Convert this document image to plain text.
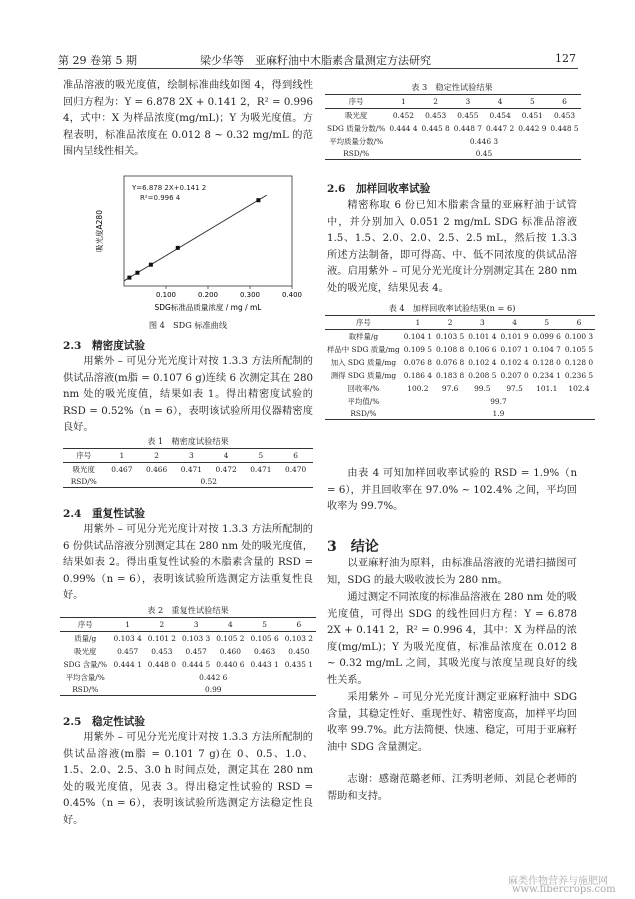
第 29 卷第 5 期	梁少华等　亚麻籽油中木脂素含量测定方法研究	127
准品溶液的吸光度值，绘制标准曲线如图 4，得到线性回归方程为：Y = 6.878 2X + 0.141 2，R² = 0.996 4，式中：X 为样品浓度(mg/mL)；Y 为吸光度值。方程表明，标准品浓度在 0.012 8 ~ 0.32 mg/mL 的范围内呈线性相关。
0.100	0.200	0.300	0.400
Y=6.878 2X+0.141 2
R²=0.996 4
SDG标准品质量浓度 / mg / mL
吸光度A280
图 4　SDG 标准曲线
2.3　精密度试验
用紫外 – 可见分光光度计对按 1.3.3 方法所配制的供试品溶液(m脂 = 0.107 6 g)连续 6 次测定其在 280 nm 处的吸光度值，结果如表 1。得出精密度试验的 RSD = 0.52%（n = 6），表明该试验所用仪器精密度良好。
表 1　精密度试验结果
序号	1	2	3	4	5	6
吸光度	0.467	0.466	0.471	0.472	0.471	0.470
RSD/%	0.52					
2.4　重复性试验
用紫外 – 可见分光光度计对按 1.3.3 方法所配制的 6 份供试品溶液分别测定其在 280 nm 处的吸光度值，结果如表 2。得出重复性试验的木脂素含量的 RSD = 0.99%（n = 6），表明该试验所选测定方法重复性良好。
表 2　重复性试验结果
序号	1	2	3	4	5	6
质量/g	0.103 4	0.101 2	0.103 3	0.105 2	0.105 6	0.103 2
吸光度	0.457	0.453	0.457	0.460	0.463	0.450
SDG 含量/%	0.444 1	0.448 0	0.444 5	0.440 6	0.443 1	0.435 1
平均含量/%	0.442 6					
RSD/%	0.99					
2.5　稳定性试验
用紫外 – 可见分光光度计对按 1.3.3 方法所配制的供试品溶液(m脂 = 0.101 7 g)在 0、0.5、1.0、1.5、2.0、2.5、3.0 h 时间点处，测定其在 280 nm 处的吸光度值，见表 3。得出稳定性试验的 RSD = 0.45%（n = 6），表明该试验所选测定方法稳定性良好。
表 3　稳定性试验结果
序号	1	2	3	4	5	6
吸光度	0.452	0.453	0.455	0.454	0.451	0.453
SDG 质量分数/%	0.444 4	0.445 8	0.448 7	0.447 2	0.442 9	0.448 5
平均质量分数/%	0.446 3					
RSD/%	0.45					
2.6　加样回收率试验
精密称取 6 份已知木脂素含量的亚麻籽油于试管中，并分别加入 0.051 2 mg/mL SDG 标准品溶液 1.5、1.5、2.0、2.0、2.5、2.5 mL，然后按 1.3.3 所述方法制备，即可得高、中、低不同浓度的供试品溶液。启用紫外 – 可见分光光度计分别测定其在 280 nm 处的吸光度，结果见表 4。
表 4　加样回收率试验结果(n = 6)
序号	1	2	3	4	5	6
取样量/g	0.104 1	0.103 5	0.101 4	0.101 9	0.099 6	0.100 3
样品中 SDG 质量/mg	0.109 5	0.108 8	0.106 6	0.107 1	0.104 7	0.105 5
加入 SDG 质量/mg	0.076 8	0.076 8	0.102 4	0.102 4	0.128 0	0.128 0
测得 SDG 质量/mg	0.186 4	0.183 8	0.208 5	0.207 0	0.234 1	0.236 5
回收率/%	100.2	97.6	99.5	97.5	101.1	102.4
平均值/%	99.7					
RSD/%	1.9					
由表 4 可知加样回收率试验的 RSD = 1.9%（n = 6），并且回收率在 97.0% ~ 102.4% 之间，平均回收率为 99.7%。
3　结论
以亚麻籽油为原料，由标准品溶液的光谱扫描图可知，SDG 的最大吸收波长为 280 nm。
通过测定不同浓度的标准品溶液在 280 nm 处的吸光度值，可得出 SDG 的线性回归方程：Y = 6.878 2X + 0.141 2，R² = 0.996 4，其中：X 为样品的浓度(mg/mL)；Y 为吸光度值，标准品浓度在 0.012 8 ~ 0.32 mg/mL 之间，其吸光度与浓度呈现良好的线性关系。
采用紫外 – 可见分光光度计测定亚麻籽油中 SDG 含量，其稳定性好、重现性好、精密度高，加样平均回收率 99.7%。此方法简便、快速、稳定，可用于亚麻籽油中 SDG 含量测定。
志谢：感谢范璐老师、江秀明老师、刘昆仑老师的帮助和支持。
麻类作物营养与施肥网
www.fibercrops.com
